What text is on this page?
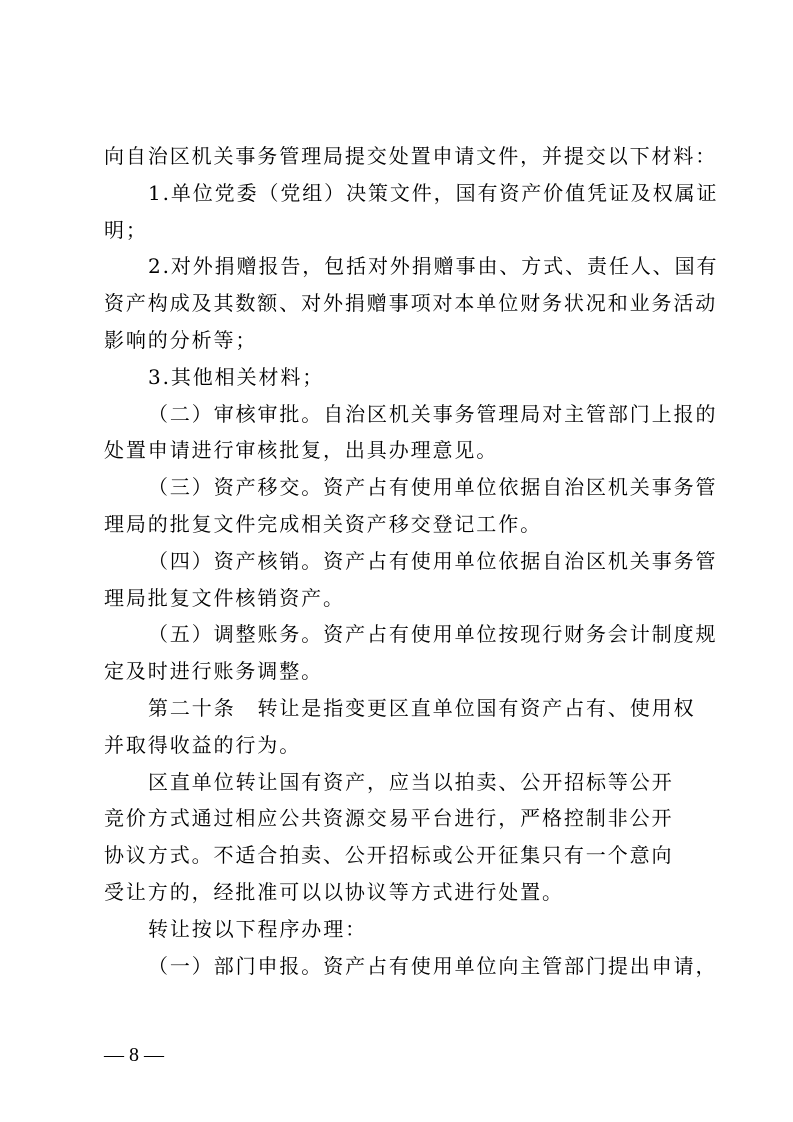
向自治区机关事务管理局提交处置申请文件，并提交以下材料：
1.单位党委（党组）决策文件，国有资产价值凭证及权属证
明；
2.对外捐赠报告，包括对外捐赠事由、方式、责任人、国有
资产构成及其数额、对外捐赠事项对本单位财务状况和业务活动
影响的分析等；
3.其他相关材料；
（二）审核审批。自治区机关事务管理局对主管部门上报的
处置申请进行审核批复，出具办理意见。
（三）资产移交。资产占有使用单位依据自治区机关事务管
理局的批复文件完成相关资产移交登记工作。
（四）资产核销。资产占有使用单位依据自治区机关事务管
理局批复文件核销资产。
（五）调整账务。资产占有使用单位按现行财务会计制度规
定及时进行账务调整。
第二十条　转让是指变更区直单位国有资产占有、使用权
并取得收益的行为。
区直单位转让国有资产，应当以拍卖、公开招标等公开
竞价方式通过相应公共资源交易平台进行，严格控制非公开
协议方式。不适合拍卖、公开招标或公开征集只有一个意向
受让方的，经批准可以以协议等方式进行处置。
转让按以下程序办理：
（一）部门申报。资产占有使用单位向主管部门提出申请，
— 8 —
